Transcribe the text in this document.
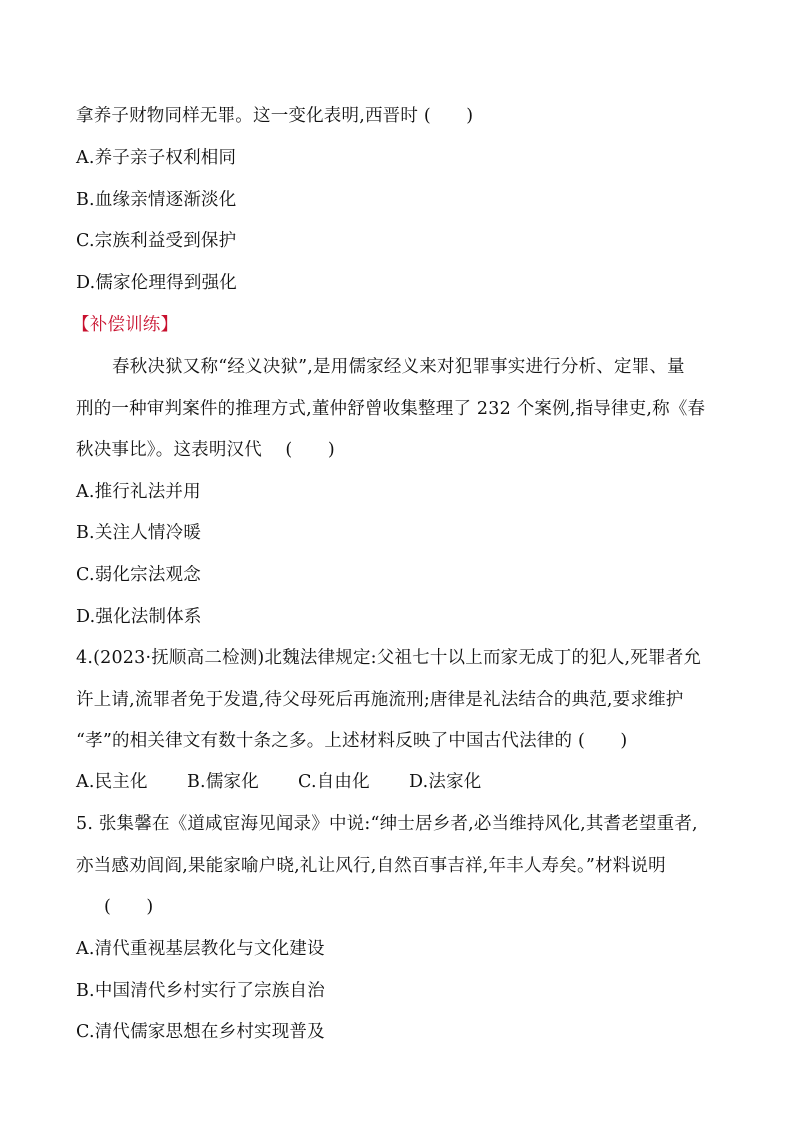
拿养子财物同样无罪。这一变化表明,西晋时 (　　)
A.养子亲子权利相同
B.血缘亲情逐渐淡化
C.宗族利益受到保护
D.儒家伦理得到强化
【补偿训练】
春秋决狱又称“经义决狱”,是用儒家经义来对犯罪事实进行分析、定罪、量
刑的一种审判案件的推理方式,董仲舒曾收集整理了 232 个案例,指导律吏,称《春
秋决事比》。这表明汉代　 (　　)
A.推行礼法并用
B.关注人情冷暖
C.弱化宗法观念
D.强化法制体系
4.(2023·抚顺高二检测)北魏法律规定:父祖七十以上而家无成丁的犯人,死罪者允
许上请,流罪者免于发遣,待父母死后再施流刑;唐律是礼法结合的典范,要求维护
“孝”的相关律文有数十条之多。上述材料反映了中国古代法律的 (　　)
A.民主化 B.儒家化 C.自由化 D.法家化
5. 张集馨在《道咸宦海见闻录》中说:“绅士居乡者,必当维持风化,其耆老望重者,
亦当感劝闾阎,果能家喻户晓,礼让风行,自然百事吉祥,年丰人寿矣。”材料说明
(　　)
A.清代重视基层教化与文化建设
B.中国清代乡村实行了宗族自治
C.清代儒家思想在乡村实现普及
